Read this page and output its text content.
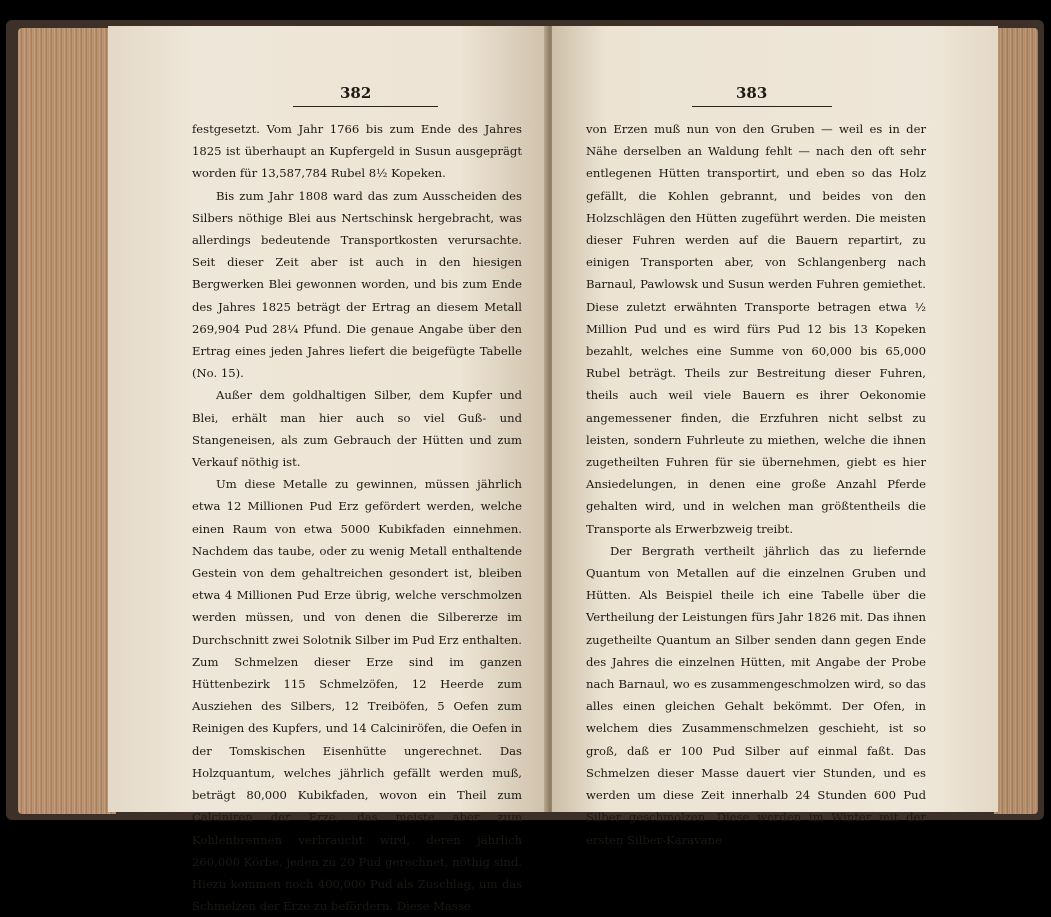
382

festgesetzt. Vom Jahr 1766 bis zum Ende des Jahres 1825 ist überhaupt an Kupfergeld in Susun ausgeprägt worden für 13,587,784 Rubel 8½ Kopeken.

Bis zum Jahr 1808 ward das zum Ausscheiden des Silbers nöthige Blei aus Nertschinsk hergebracht, was allerdings bedeutende Transportkosten verursachte. Seit dieser Zeit aber ist auch in den hiesigen Bergwerken Blei gewonnen worden, und bis zum Ende des Jahres 1825 beträgt der Ertrag an diesem Metall 269,904 Pud 28¼ Pfund. Die genaue Angabe über den Ertrag eines jeden Jahres liefert die beigefügte Tabelle (No. 15).

Außer dem goldhaltigen Silber, dem Kupfer und Blei, erhält man hier auch so viel Guß- und Stangeneisen, als zum Gebrauch der Hütten und zum Verkauf nöthig ist.

Um diese Metalle zu gewinnen, müssen jährlich etwa 12 Millionen Pud Erz gefördert werden, welche einen Raum von etwa 5000 Kubikfaden einnehmen. Nachdem das taube, oder zu wenig Metall enthaltende Gestein von dem gehaltreichen gesondert ist, bleiben etwa 4 Millionen Pud Erze übrig, welche verschmolzen werden müssen, und von denen die Silbererze im Durchschnitt zwei Solotnik Silber im Pud Erz enthalten. Zum Schmelzen dieser Erze sind im ganzen Hüttenbezirk 115 Schmelzöfen, 12 Heerde zum Ausziehen des Silbers, 12 Treiböfen, 5 Oefen zum Reinigen des Kupfers, und 14 Calciniröfen, die Oefen in der Tomskischen Eisenhütte ungerechnet. Das Holzquantum, welches jährlich gefällt werden muß, beträgt 80,000 Kubikfaden, wovon ein Theil zum Calciniren der Erze, das meiste aber zum Kohlenbrennen verbraucht wird, deren jährlich 260,000 Körbe, jeden zu 20 Pud gerechnet, nöthig sind. Hiezu kommen noch 400,000 Pud als Zuschlag, um das Schmelzen der Erze zu befördern. Diese Masse

383

von Erzen muß nun von den Gruben — weil es in der Nähe derselben an Waldung fehlt — nach den oft sehr entlegenen Hütten transportirt, und eben so das Holz gefällt, die Kohlen gebrannt, und beides von den Holzschlägen den Hütten zugeführt werden. Die meisten dieser Fuhren werden auf die Bauern repartirt, zu einigen Transporten aber, von Schlangenberg nach Barnaul, Pawlowsk und Susun werden Fuhren gemiethet. Diese zuletzt erwähnten Transporte betragen etwa ½ Million Pud und es wird fürs Pud 12 bis 13 Kopeken bezahlt, welches eine Summe von 60,000 bis 65,000 Rubel beträgt. Theils zur Bestreitung dieser Fuhren, theils auch weil viele Bauern es ihrer Oekonomie angemessener finden, die Erzfuhren nicht selbst zu leisten, sondern Fuhrleute zu miethen, welche die ihnen zugetheilten Fuhren für sie übernehmen, giebt es hier Ansiedelungen, in denen eine große Anzahl Pferde gehalten wird, und in welchen man größtentheils die Transporte als Erwerbzweig treibt.

Der Bergrath vertheilt jährlich das zu liefernde Quantum von Metallen auf die einzelnen Gruben und Hütten. Als Beispiel theile ich eine Tabelle über die Vertheilung der Leistungen fürs Jahr 1826 mit. Das ihnen zugetheilte Quantum an Silber senden dann gegen Ende des Jahres die einzelnen Hütten, mit Angabe der Probe nach Barnaul, wo es zusammengeschmolzen wird, so das alles einen gleichen Gehalt bekömmt. Der Ofen, in welchem dies Zusammenschmelzen geschieht, ist so groß, daß er 100 Pud Silber auf einmal faßt. Das Schmelzen dieser Masse dauert vier Stunden, und es werden um diese Zeit innerhalb 24 Stunden 600 Pud Silber geschmolzen. Diese werden im Winter mit der ersten Silber-Karavane
